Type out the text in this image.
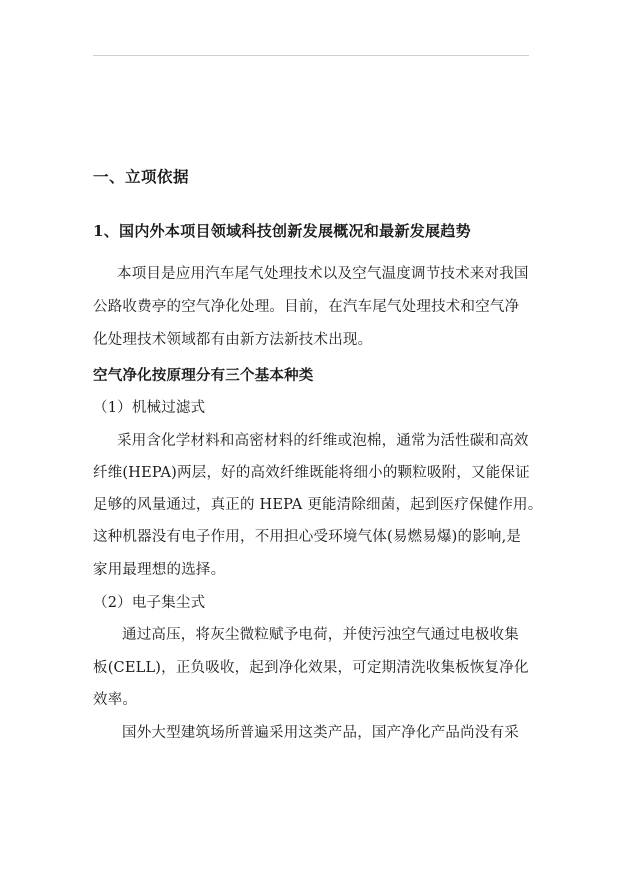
一、立项依据
1、国内外本项目领域科技创新发展概况和最新发展趋势
本项目是应用汽车尾气处理技术以及空气温度调节技术来对我国
公路收费亭的空气净化处理。目前，在汽车尾气处理技术和空气净
化处理技术领域都有由新方法新技术出现。
空气净化按原理分有三个基本种类
（1）机械过滤式
采用含化学材料和高密材料的纤维或泡棉，通常为活性碳和高效
纤维(HEPA)两层，好的高效纤维既能将细小的颗粒吸附，又能保证
足够的风量通过，真正的 HEPA 更能清除细菌，起到医疗保健作用。
这种机器没有电子作用，不用担心受环境气体(易燃易爆)的影响,是
家用最理想的选择。
（2）电子集尘式
通过高压，将灰尘微粒赋予电荷，并使污浊空气通过电极收集
板(CELL)，正负吸收，起到净化效果，可定期清洗收集板恢复净化
效率。
国外大型建筑场所普遍采用这类产品，国产净化产品尚没有采
